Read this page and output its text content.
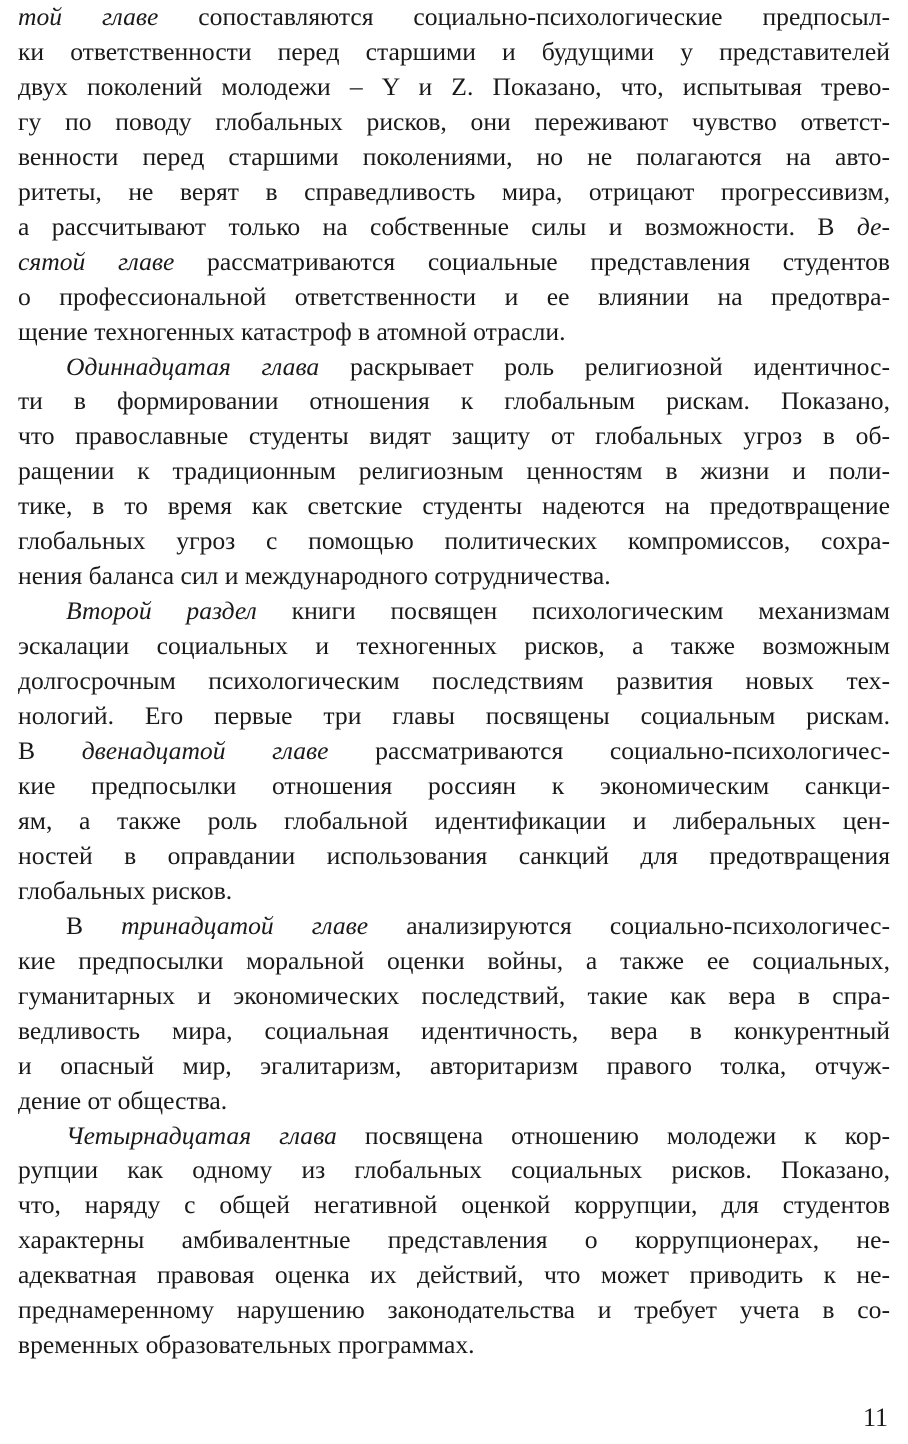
той главе сопоставляются социально-психологические предпосыл-
ки ответственности перед старшими и будущими у представителей
двух поколений молодежи – Y и Z. Показано, что, испытывая трево-
гу по поводу глобальных рисков, они переживают чувство ответст-
венности перед старшими поколениями, но не полагаются на авто-
ритеты, не верят в справедливость мира, отрицают прогрессивизм,
а рассчитывают только на собственные силы и возможности. В де-
сятой главе рассматриваются социальные представления студентов
о профессиональной ответственности и ее влиянии на предотвра-
щение техногенных катастроф в атомной отрасли.
Одиннадцатая глава раскрывает роль религиозной идентичнос-
ти в формировании отношения к глобальным рискам. Показано,
что православные студенты видят защиту от глобальных угроз в об-
ращении к традиционным религиозным ценностям в жизни и поли-
тике, в то время как светские студенты надеются на предотвращение
глобальных угроз с помощью политических компромиссов, сохра-
нения баланса сил и международного сотрудничества.
Второй раздел книги посвящен психологическим механизмам
эскалации социальных и техногенных рисков, а также возможным
долгосрочным психологическим последствиям развития новых тех-
нологий. Его первые три главы посвящены социальным рискам.
В двенадцатой главе рассматриваются социально-психологичес-
кие предпосылки отношения россиян к экономическим санкци-
ям, а также роль глобальной идентификации и либеральных цен-
ностей в оправдании использования санкций для предотвращения
глобальных рисков.
В тринадцатой главе анализируются социально-психологичес-
кие предпосылки моральной оценки войны, а также ее социальных,
гуманитарных и экономических последствий, такие как вера в спра-
ведливость мира, социальная идентичность, вера в конкурентный
и опасный мир, эгалитаризм, авторитаризм правого толка, отчуж-
дение от общества.
Четырнадцатая глава посвящена отношению молодежи к кор-
рупции как одному из глобальных социальных рисков. Показано,
что, наряду с общей негативной оценкой коррупции, для студентов
характерны амбивалентные представления о коррупционерах, не-
адекватная правовая оценка их действий, что может приводить к не-
преднамеренному нарушению законодательства и требует учета в со-
временных образовательных программах.
11
